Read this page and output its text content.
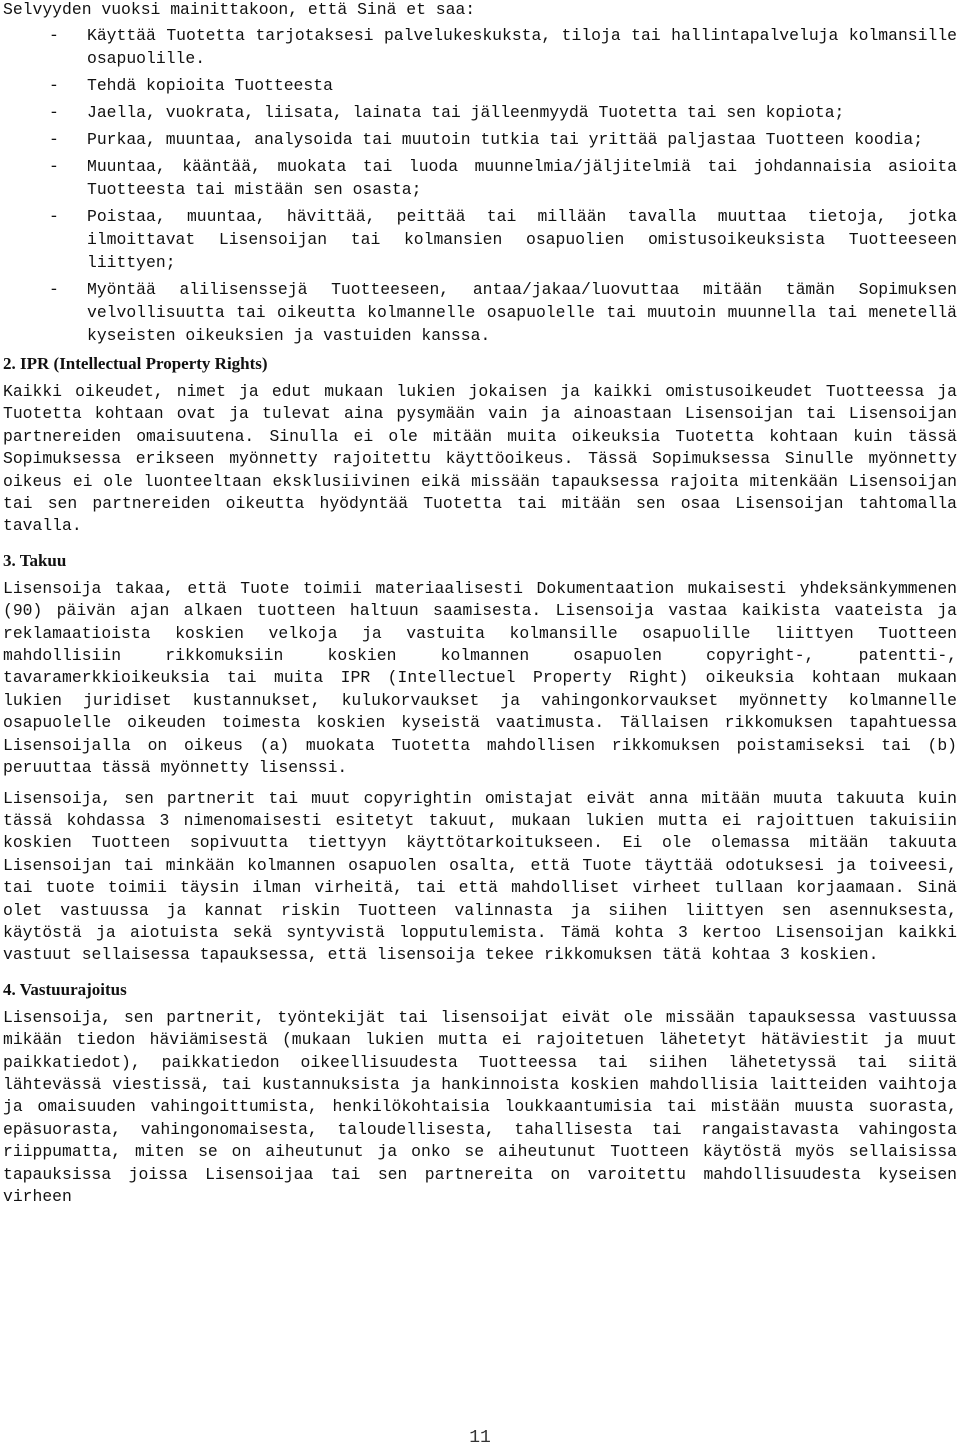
Selvyyden vuoksi mainittakoon, että Sinä et saa:
- Käyttää Tuotetta tarjotaksesi palvelukeskuksta, tiloja tai hallintapalveluja kolmansille osapuolille.
- Tehdä kopioita Tuotteesta
- Jaella, vuokrata, liisata, lainata tai jälleenmyydä Tuotetta tai sen kopiota;
- Purkaa, muuntaa, analysoida tai muutoin tutkia tai yrittää paljastaa Tuotteen koodia;
- Muuntaa, kääntää, muokata tai luoda muunnelmia/jäljitelmiä tai johdannaisia asioita Tuotteesta tai mistään sen osasta;
- Poistaa, muuntaa, hävittää, peittää tai millään tavalla muuttaa tietoja, jotka ilmoittavat Lisensoijan tai kolmansien osapuolien omistusoikeuksista Tuotteeseen liittyen;
- Myöntää alilisenssejä Tuotteeseen, antaa/jakaa/luovuttaa mitään tämän Sopimuksen velvollisuutta tai oikeutta kolmannelle osapuolelle tai muutoin muunnella tai menetellä kyseisten oikeuksien ja vastuiden kanssa.
2. IPR (Intellectual Property Rights)

Kaikki oikeudet, nimet ja edut mukaan lukien jokaisen ja kaikki omistusoikeudet Tuotteessa ja Tuotetta kohtaan ovat ja tulevat aina pysymään vain ja ainoastaan Lisensoijan tai Lisensoijan partnereiden omaisuutena. Sinulla ei ole mitään muita oikeuksia Tuotetta kohtaan kuin tässä Sopimuksessa erikseen myönnetty rajoitettu käyttöoikeus. Tässä Sopimuksessa Sinulle myönnetty oikeus ei ole luonteeltaan eksklusiivinen eikä missään tapauksessa rajoita mitenkään Lisensoijan tai sen partnereiden oikeutta hyödyntää Tuotetta tai mitään sen osaa Lisensoijan tahtomalla tavalla.

3. Takuu

Lisensoija takaa, että Tuote toimii materiaalisesti Dokumentaation mukaisesti yhdeksänkymmenen (90) päivän ajan alkaen tuotteen haltuun saamisesta. Lisensoija vastaa kaikista vaateista ja reklamaatioista koskien velkoja ja vastuita kolmansille osapuolille liittyen Tuotteen mahdollisiin rikkomuksiin koskien kolmannen osapuolen copyright-, patentti-, tavaramerkkioikeuksia tai muita IPR (Intellectuel Property Right) oikeuksia kohtaan mukaan lukien juridiset kustannukset, kulukorvaukset ja vahingonkorvaukset myönnetty kolmannelle osapuolelle oikeuden toimesta koskien kyseistä vaatimusta. Tällaisen rikkomuksen tapahtuessa Lisensoijalla on oikeus (a) muokata Tuotetta mahdollisen rikkomuksen poistamiseksi tai (b) peruuttaa tässä myönnetty lisenssi.

Lisensoija, sen partnerit tai muut copyrightin omistajat eivät anna mitään muuta takuuta kuin tässä kohdassa 3 nimenomaisesti esitetyt takuut, mukaan lukien mutta ei rajoittuen takuisiin koskien Tuotteen sopivuutta tiettyyn käyttötarkoitukseen. Ei ole olemassa mitään takuuta Lisensoijan tai minkään kolmannen osapuolen osalta, että Tuote täyttää odotuksesi ja toiveesi, tai tuote toimii täysin ilman virheitä, tai että mahdolliset virheet tullaan korjaamaan. Sinä olet vastuussa ja kannat riskin Tuotteen valinnasta ja siihen liittyen sen asennuksesta, käytöstä ja aiotuista sekä syntyvistä lopputulemista. Tämä kohta 3 kertoo Lisensoijan kaikki vastuut sellaisessa tapauksessa, että lisensoija tekee rikkomuksen tätä kohtaa 3 koskien.

4. Vastuurajoitus

Lisensoija, sen partnerit, työntekijät tai lisensoijat eivät ole missään tapauksessa vastuussa mikään tiedon häviämisestä (mukaan lukien mutta ei rajoitetuen lähetetyt hätäviestit ja muut paikkatiedot), paikkatiedon oikeellisuudesta Tuotteessa tai siihen lähetetyssä tai siitä lähtevässä viestissä, tai kustannuksista ja hankinnoista koskien mahdollisia laitteiden vaihtoja ja omaisuuden vahingoittumista, henkilökohtaisia loukkaantumisia tai mistään muusta suorasta, epäsuorasta, vahingonomaisesta, taloudellisesta, tahallisesta tai rangaistavasta vahingosta riippumatta, miten se on aiheutunut ja onko se aiheutunut Tuotteen käytöstä myös sellaisissa tapauksissa joissa Lisensoijaa tai sen partnereita on varoitettu mahdollisuudesta kyseisen virheen

11
